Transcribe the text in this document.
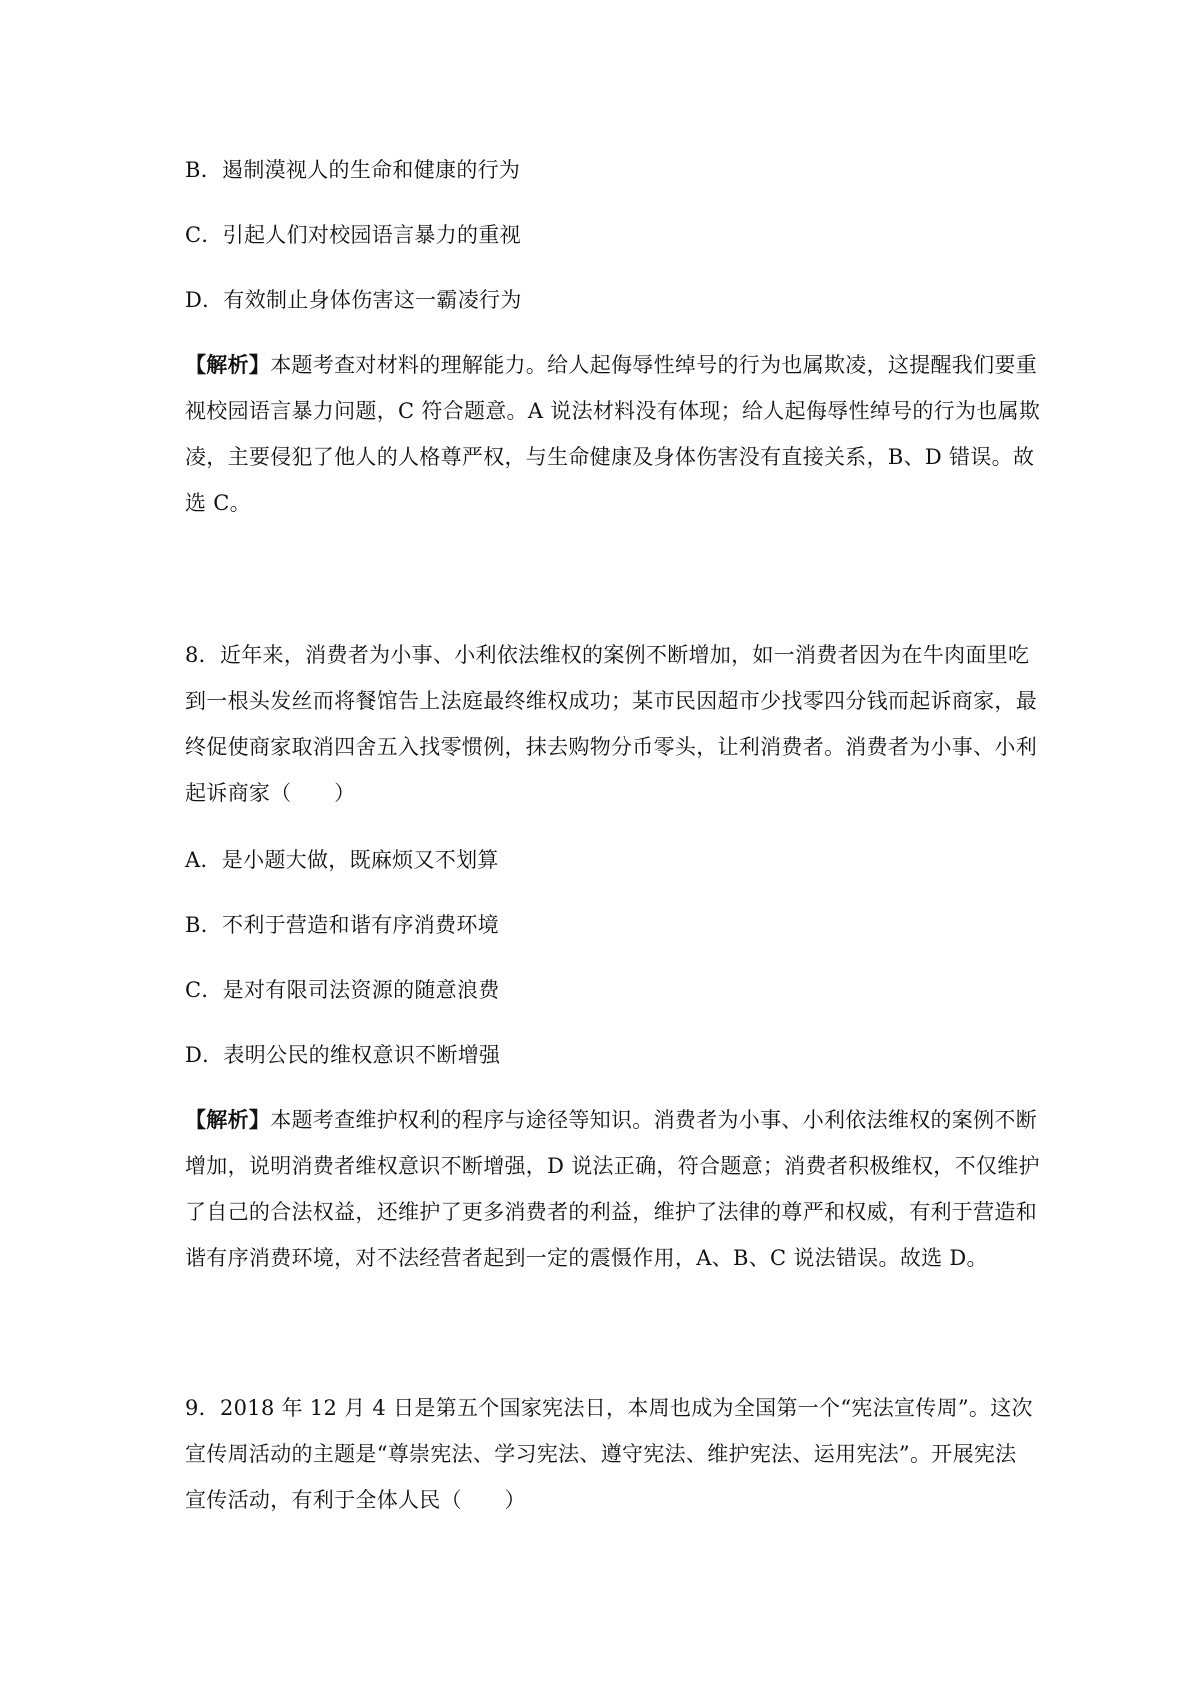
B．遏制漠视人的生命和健康的行为
C．引起人们对校园语言暴力的重视
D．有效制止身体伤害这一霸凌行为
【解析】本题考查对材料的理解能力。给人起侮辱性绰号的行为也属欺凌，这提醒我们要重
视校园语言暴力问题，C 符合题意。A 说法材料没有体现；给人起侮辱性绰号的行为也属欺
凌，主要侵犯了他人的人格尊严权，与生命健康及身体伤害没有直接关系，B、D 错误。故
选 C。
8．近年来，消费者为小事、小利依法维权的案例不断增加，如一消费者因为在牛肉面里吃
到一根头发丝而将餐馆告上法庭最终维权成功；某市民因超市少找零四分钱而起诉商家，最
终促使商家取消四舍五入找零惯例，抹去购物分币零头，让利消费者。消费者为小事、小利
起诉商家（　　）
A．是小题大做，既麻烦又不划算
B．不利于营造和谐有序消费环境
C．是对有限司法资源的随意浪费
D．表明公民的维权意识不断增强
【解析】本题考查维护权利的程序与途径等知识。消费者为小事、小利依法维权的案例不断
增加，说明消费者维权意识不断增强，D 说法正确，符合题意；消费者积极维权，不仅维护
了自己的合法权益，还维护了更多消费者的利益，维护了法律的尊严和权威，有利于营造和
谐有序消费环境，对不法经营者起到一定的震慑作用，A、B、C 说法错误。故选 D。
9．2018 年 12 月 4 日是第五个国家宪法日，本周也成为全国第一个“宪法宣传周”。这次
宣传周活动的主题是“尊崇宪法、学习宪法、遵守宪法、维护宪法、运用宪法”。开展宪法
宣传活动，有利于全体人民（　　）
